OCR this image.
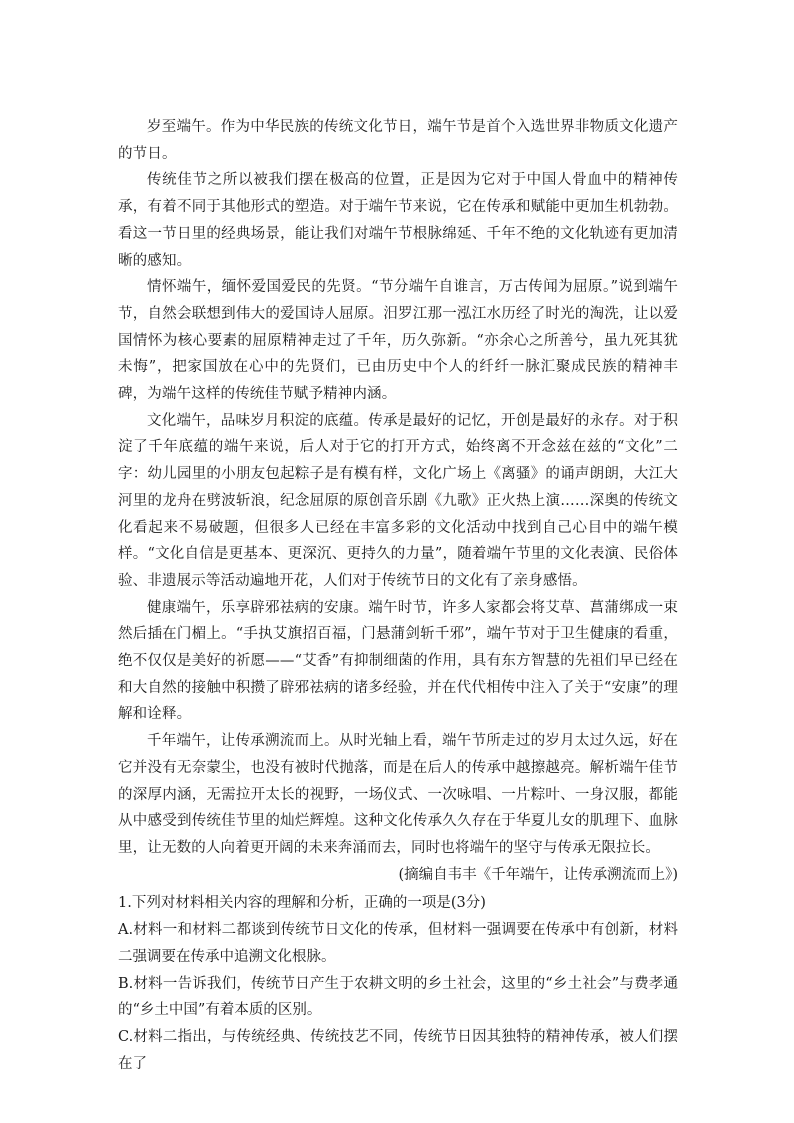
岁至端午。作为中华民族的传统文化节日，端午节是首个入选世界非物质文化遗产的节日。

传统佳节之所以被我们摆在极高的位置，正是因为它对于中国人骨血中的精神传承，有着不同于其他形式的塑造。对于端午节来说，它在传承和赋能中更加生机勃勃。看这一节日里的经典场景，能让我们对端午节根脉绵延、千年不绝的文化轨迹有更加清晰的感知。

情怀端午，缅怀爱国爱民的先贤。“节分端午自谁言，万古传闻为屈原。”说到端午节，自然会联想到伟大的爱国诗人屈原。汨罗江那一泓江水历经了时光的淘洗，让以爱国情怀为核心要素的屈原精神走过了千年，历久弥新。“亦余心之所善兮，虽九死其犹未悔”，把家国放在心中的先贤们，已由历史中个人的纤纤一脉汇聚成民族的精神丰碑，为端午这样的传统佳节赋予精神内涵。

文化端午，品味岁月积淀的底蕴。传承是最好的记忆，开创是最好的永存。对于积淀了千年底蕴的端午来说，后人对于它的打开方式，始终离不开念兹在兹的“文化”二字：幼儿园里的小朋友包起粽子是有模有样，文化广场上《离骚》的诵声朗朗，大江大河里的龙舟在劈波斩浪，纪念屈原的原创音乐剧《九歌》正火热上演……深奥的传统文化看起来不易破题，但很多人已经在丰富多彩的文化活动中找到自己心目中的端午模样。“文化自信是更基本、更深沉、更持久的力量”，随着端午节里的文化表演、民俗体验、非遗展示等活动遍地开花，人们对于传统节日的文化有了亲身感悟。

健康端午，乐享辟邪祛病的安康。端午时节，许多人家都会将艾草、菖蒲绑成一束然后插在门楣上。“手执艾旗招百福，门悬蒲剑斩千邪”，端午节对于卫生健康的看重，绝不仅仅是美好的祈愿——“艾香”有抑制细菌的作用，具有东方智慧的先祖们早已经在和大自然的接触中积攒了辟邪祛病的诸多经验，并在代代相传中注入了关于“安康”的理解和诠释。

千年端午，让传承溯流而上。从时光轴上看，端午节所走过的岁月太过久远，好在它并没有无奈蒙尘，也没有被时代抛落，而是在后人的传承中越擦越亮。解析端午佳节的深厚内涵，无需拉开太长的视野，一场仪式、一次咏唱、一片粽叶、一身汉服，都能从中感受到传统佳节里的灿烂辉煌。这种文化传承久久存在于华夏儿女的肌理下、血脉里，让无数的人向着更开阔的未来奔涌而去，同时也将端午的坚守与传承无限拉长。

(摘编自韦丰《千年端午，让传承溯流而上》)

1.下列对材料相关内容的理解和分析，正确的一项是(3分)

A.材料一和材料二都谈到传统节日文化的传承，但材料一强调要在传承中有创新，材料二强调要在传承中追溯文化根脉。

B.材料一告诉我们，传统节日产生于农耕文明的乡土社会，这里的“乡土社会”与费孝通的“乡土中国”有着本质的区别。

C.材料二指出，与传统经典、传统技艺不同，传统节日因其独特的精神传承，被人们摆在了
